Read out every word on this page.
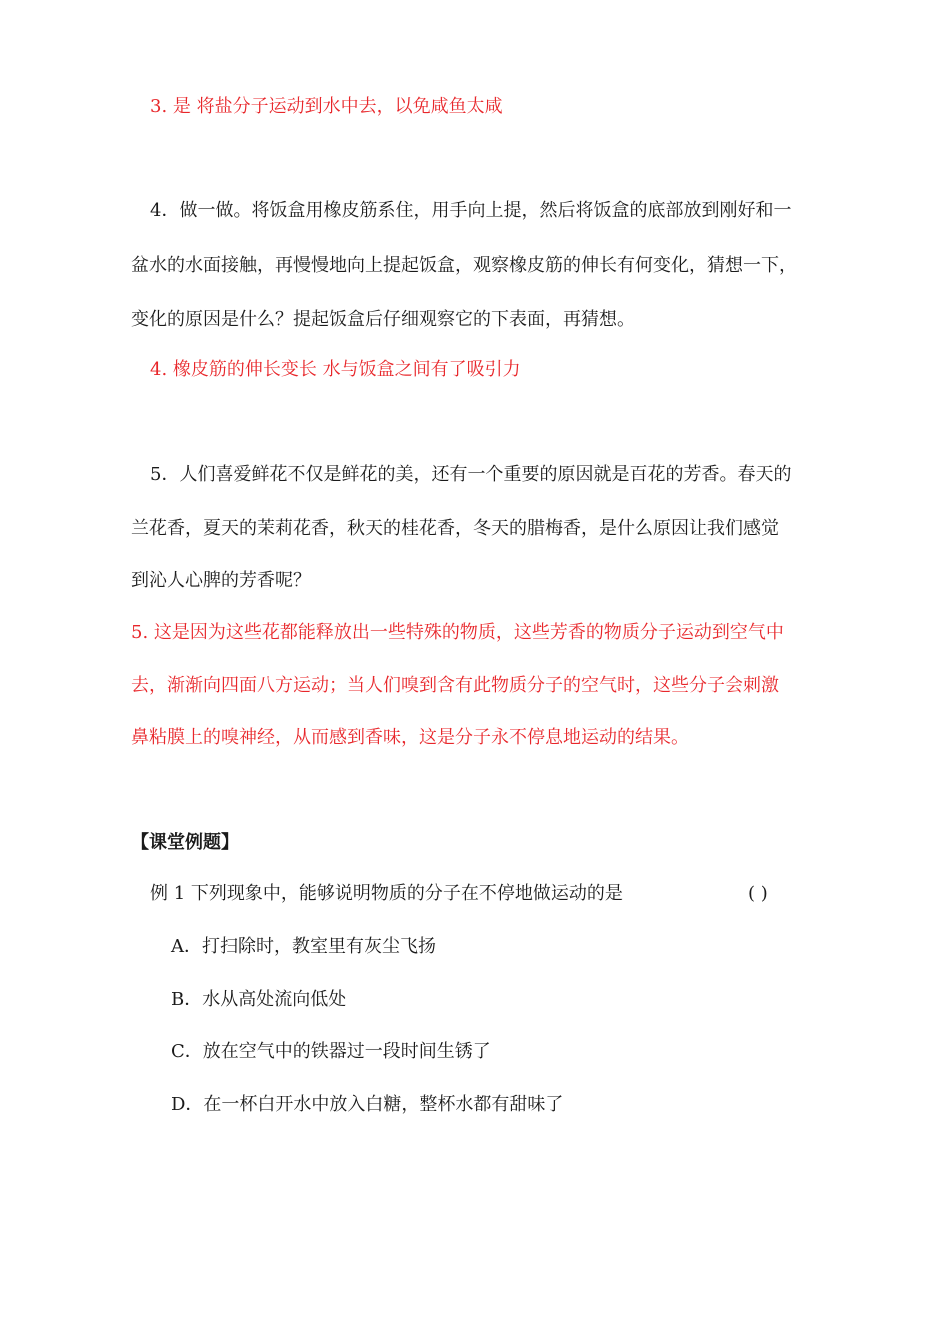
3. 是 将盐分子运动到水中去，以免咸鱼太咸
4．做一做。将饭盒用橡皮筋系住，用手向上提，然后将饭盒的底部放到刚好和一
盆水的水面接触，再慢慢地向上提起饭盒，观察橡皮筋的伸长有何变化，猜想一下，
变化的原因是什么？提起饭盒后仔细观察它的下表面，再猜想。
4. 橡皮筋的伸长变长 水与饭盒之间有了吸引力
5．人们喜爱鲜花不仅是鲜花的美，还有一个重要的原因就是百花的芳香。春天的
兰花香，夏天的茉莉花香，秋天的桂花香，冬天的腊梅香，是什么原因让我们感觉
到沁人心脾的芳香呢？
5. 这是因为这些花都能释放出一些特殊的物质，这些芳香的物质分子运动到空气中
去，渐渐向四面八方运动；当人们嗅到含有此物质分子的空气时，这些分子会刺激
鼻粘膜上的嗅神经，从而感到香味，这是分子永不停息地运动的结果。
【课堂例题】
例 1 下列现象中，能够说明物质的分子在不停地做运动的是	( )
A．打扫除时，教室里有灰尘飞扬
B．水从高处流向低处
C．放在空气中的铁器过一段时间生锈了
D．在一杯白开水中放入白糖，整杯水都有甜味了
